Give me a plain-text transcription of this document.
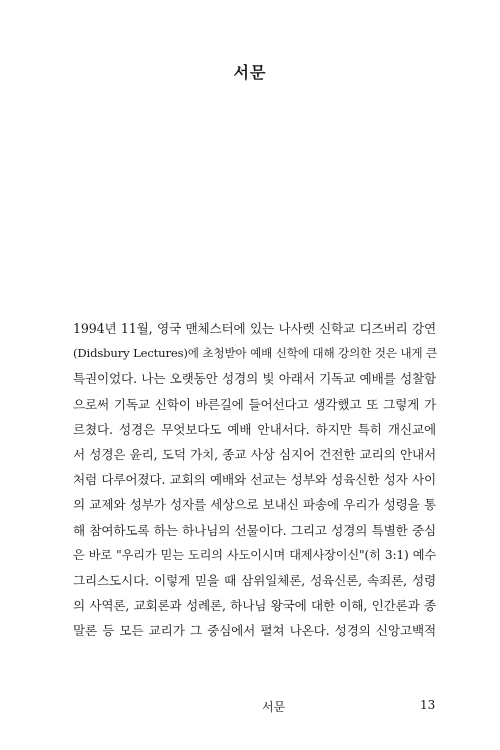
서문
1994년 11월, 영국 맨체스터에 있는 나사렛 신학교 디즈버리 강연
(Didsbury Lectures)에 초청받아 예배 신학에 대해 강의한 것은 내게 큰
특권이었다. 나는 오랫동안 성경의 빛 아래서 기독교 예배를 성찰함
으로써 기독교 신학이 바른길에 들어선다고 생각했고 또 그렇게 가
르쳤다. 성경은 무엇보다도 예배 안내서다. 하지만 특히 개신교에
서 성경은 윤리, 도덕 가치, 종교 사상 심지어 건전한 교리의 안내서
처럼 다루어졌다. 교회의 예배와 선교는 성부와 성육신한 성자 사이
의 교제와 성부가 성자를 세상으로 보내신 파송에 우리가 성령을 통
해 참여하도록 하는 하나님의 선물이다. 그리고 성경의 특별한 중심
은 바로 "우리가 믿는 도리의 사도이시며 대제사장이신"(히 3:1) 예수
그리스도시다. 이렇게 믿을 때 삼위일체론, 성육신론, 속죄론, 성령
의 사역론, 교회론과 성례론, 하나님 왕국에 대한 이해, 인간론과 종
말론 등 모든 교리가 그 중심에서 펼쳐 나온다. 성경의 신앙고백적
서문	13
